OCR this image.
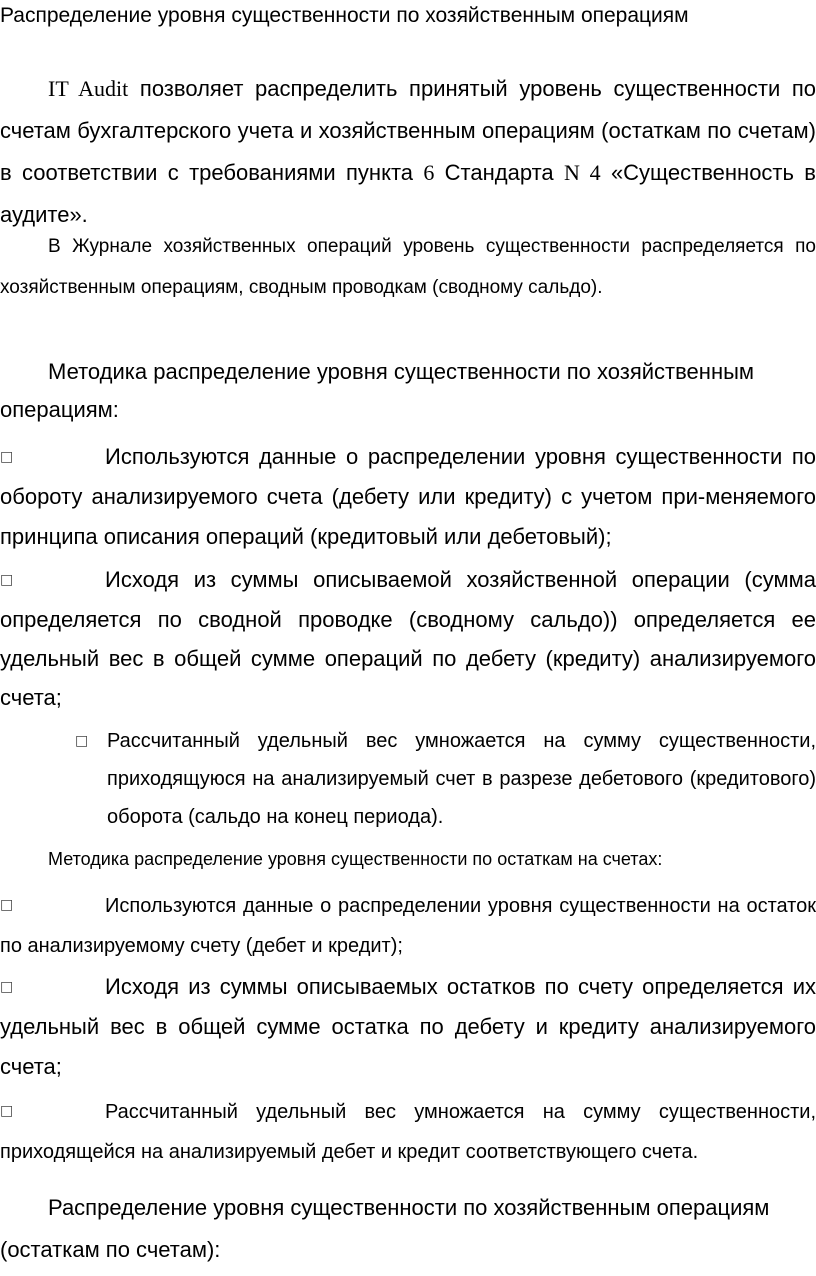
Распределение уровня существенности по хозяйственным операциям

IT Audit позволяет распределить принятый уровень существенности по счетам бухгалтерского учета и хозяйственным операциям (остаткам по счетам) в соответствии с требованиями пункта 6 Стандарта N 4 «Существенность в аудите».

В Журнале хозяйственных операций уровень существенности распределяется по хозяйственным операциям, сводным проводкам (сводному сальдо).

Методика распределение уровня существенности по хозяйственным операциям:

□	Используются данные о распределении уровня существенности по обороту анализируемого счета (дебету или кредиту) с учетом при-меняемого принципа описания операций (кредитовый или дебетовый);

□	Исходя из суммы описываемой хозяйственной операции (сумма определяется по сводной проводке (сводному сальдо)) определяется ее удельный вес в общей сумме операций по дебету (кредиту) анализируемого счета;

□ Рассчитанный удельный вес умножается на сумму существенности, приходящуюся на анализируемый счет в разрезе дебетового (кредитового) оборота (сальдо на конец периода).

Методика распределение уровня существенности по остаткам на счетах:

□	Используются данные о распределении уровня существенности на остаток по анализируемому счету (дебет и кредит);

□	Исходя из суммы описываемых остатков по счету определяется их удельный вес в общей сумме остатка по дебету и кредиту анализируемого счета;

□	Рассчитанный удельный вес умножается на сумму существенности, приходящейся на анализируемый дебет и кредит соответствующего счета.

Распределение уровня существенности по хозяйственным операциям (остаткам по счетам):
